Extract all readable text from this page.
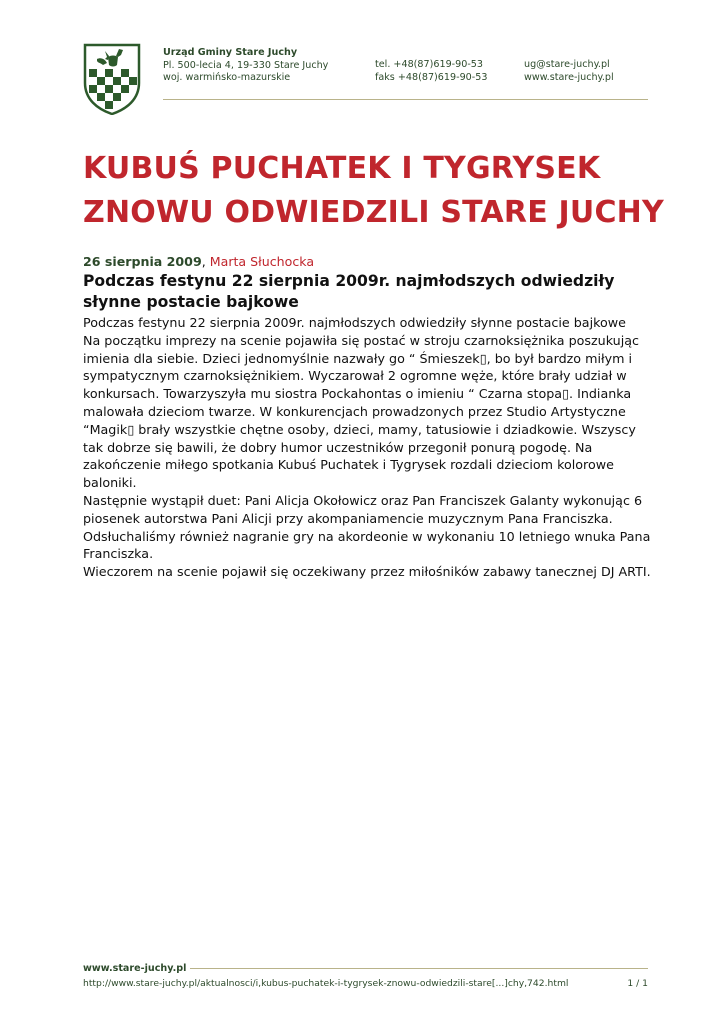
Urząd Gminy Stare Juchy
Pl. 500-lecia 4, 19-330 Stare Juchy
woj. warmińsko-mazurskie
tel. +48(87)619-90-53
faks +48(87)619-90-53
ug@stare-juchy.pl
www.stare-juchy.pl
KUBUŚ PUCHATEK I TYGRYSEK ZNOWU ODWIEDZILI STARE JUCHY
26 sierpnia 2009, Marta Słuchocka
Podczas festynu 22 sierpnia 2009r. najmłodszych odwiedziły słynne postacie bajkowe

Podczas festynu 22 sierpnia 2009r. najmłodszych odwiedziły słynne postacie bajkowe

Na początku imprezy na scenie pojawiła się postać w stroju czarnoksiężnika poszukując imienia dla siebie. Dzieci jednomyślnie nazwały go “ Śmieszek▯, bo był bardzo miłym i sympatycznym czarnoksiężnikiem. Wyczarował 2 ogromne węże, które brały udział w konkursach. Towarzyszyła mu siostra Pockahontas o imieniu “ Czarna stopa▯. Indianka malowała dzieciom twarze. W konkurencjach prowadzonych przez Studio Artystyczne “Magik▯ brały wszystkie chętne osoby, dzieci, mamy, tatusiowie i dziadkowie. Wszyscy tak dobrze się bawili, że dobry humor uczestników przegonił ponurą pogodę. Na zakończenie miłego spotkania Kubuś Puchatek i Tygrysek rozdali dzieciom kolorowe baloniki.

Następnie wystąpił duet: Pani Alicja Okołowicz oraz Pan Franciszek Galanty wykonując 6 piosenek autorstwa Pani Alicji przy akompaniamencie muzycznym Pana Franciszka.

Odsłuchaliśmy również nagranie gry na akordeonie w wykonaniu 10 letniego wnuka Pana Franciszka.

Wieczorem na scenie pojawił się oczekiwany przez miłośników zabawy tanecznej DJ ARTI.

www.stare-juchy.pl
http://www.stare-juchy.pl/aktualnosci/i,kubus-puchatek-i-tygrysek-znowu-odwiedzili-stare[...]chy,742.html	1 / 1
